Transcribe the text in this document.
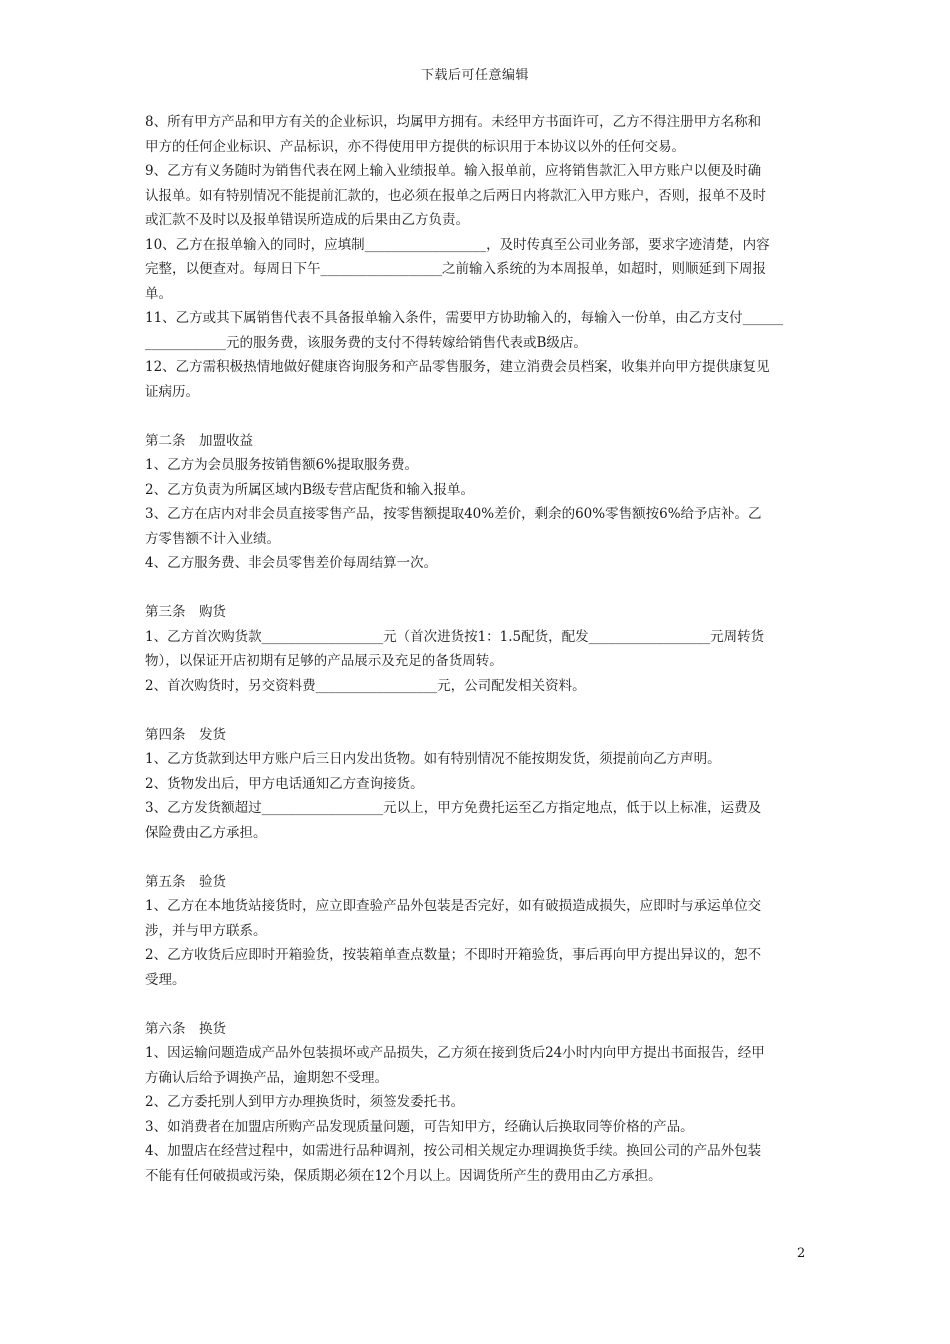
下载后可任意编辑

8、所有甲方产品和甲方有关的企业标识，均属甲方拥有。未经甲方书面许可，乙方不得注册甲方名称和

甲方的任何企业标识、产品标识，亦不得使用甲方提供的标识用于本协议以外的任何交易。

9、乙方有义务随时为销售代表在网上输入业绩报单。输入报单前，应将销售款汇入甲方账户以便及时确

认报单。如有特别情况不能提前汇款的，也必须在报单之后两日内将款汇入甲方账户，否则，报单不及时

或汇款不及时以及报单错误所造成的后果由乙方负责。

10、乙方在报单输入的同时，应填制__________________，及时传真至公司业务部，要求字迹清楚，内容

完整，以便查对。每周日下午__________________之前输入系统的为本周报单，如超时，则顺延到下周报

单。

11、乙方或其下属销售代表不具备报单输入条件，需要甲方协助输入的，每输入一份单，由乙方支付______

____________元的服务费，该服务费的支付不得转嫁给销售代表或B级店。

12、乙方需积极热情地做好健康咨询服务和产品零售服务，建立消费会员档案，收集并向甲方提供康复见

证病历。

第二条　加盟收益

1、乙方为会员服务按销售额6%提取服务费。

2、乙方负责为所属区域内B级专营店配货和输入报单。

3、乙方在店内对非会员直接零售产品，按零售额提取40%差价，剩余的60%零售额按6%给予店补。乙

方零售额不计入业绩。

4、乙方服务费、非会员零售差价每周结算一次。

第三条　购货

1、乙方首次购货款__________________元（首次进货按1：1.5配货，配发__________________元周转货

物），以保证开店初期有足够的产品展示及充足的备货周转。

2、首次购货时，另交资料费__________________元，公司配发相关资料。

第四条　发货

1、乙方货款到达甲方账户后三日内发出货物。如有特别情况不能按期发货，须提前向乙方声明。

2、货物发出后，甲方电话通知乙方查询接货。

3、乙方发货额超过__________________元以上，甲方免费托运至乙方指定地点，低于以上标准，运费及

保险费由乙方承担。

第五条　验货

1、乙方在本地货站接货时，应立即查验产品外包装是否完好，如有破损造成损失，应即时与承运单位交

涉，并与甲方联系。

2、乙方收货后应即时开箱验货，按装箱单查点数量；不即时开箱验货，事后再向甲方提出异议的，恕不

受理。

第六条　换货

1、因运输问题造成产品外包装损坏或产品损失，乙方须在接到货后24小时内向甲方提出书面报告，经甲

方确认后给予调换产品，逾期恕不受理。

2、乙方委托别人到甲方办理换货时，须签发委托书。

3、如消费者在加盟店所购产品发现质量问题，可告知甲方，经确认后换取同等价格的产品。

4、加盟店在经营过程中，如需进行品种调剂，按公司相关规定办理调换货手续。换回公司的产品外包装

不能有任何破损或污染，保质期必须在12个月以上。因调货所产生的费用由乙方承担。

2
